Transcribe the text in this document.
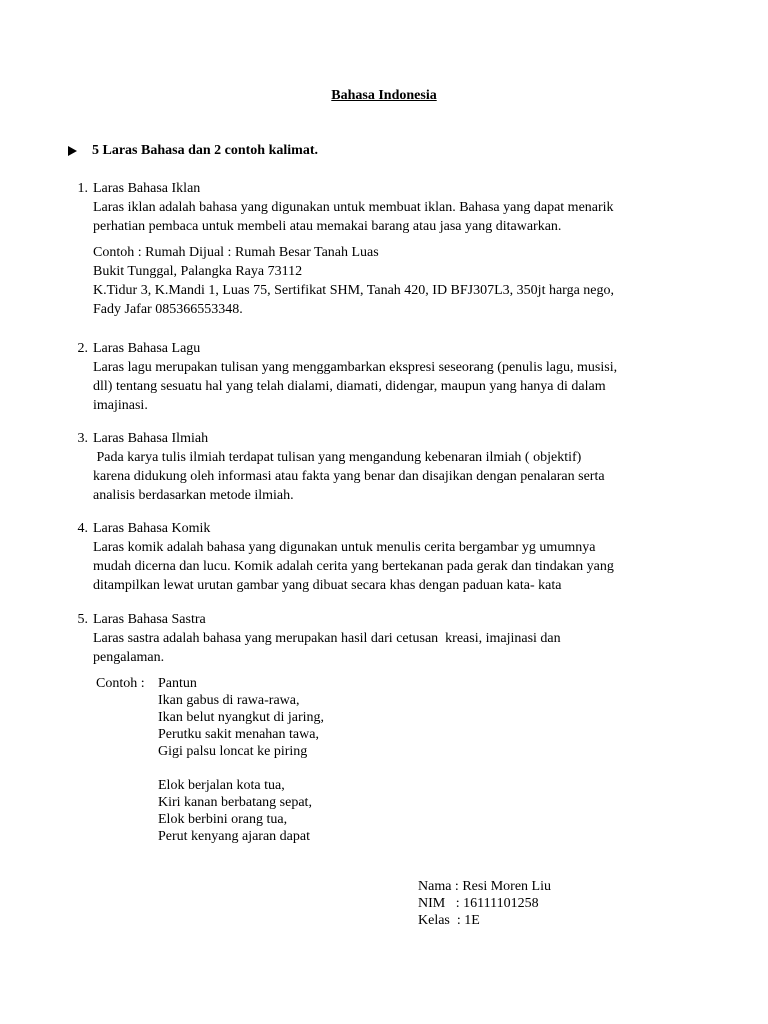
Bahasa Indonesia
5 Laras Bahasa dan 2 contoh kalimat.
1. Laras Bahasa Iklan

Laras iklan adalah bahasa yang digunakan untuk membuat iklan. Bahasa yang dapat menarik

perhatian pembaca untuk membeli atau memakai barang atau jasa yang ditawarkan.

Contoh : Rumah Dijual : Rumah Besar Tanah Luas

Bukit Tunggal, Palangka Raya 73112

K.Tidur 3, K.Mandi 1, Luas 75, Sertifikat SHM, Tanah 420, ID BFJ307L3, 350jt harga nego,

Fady Jafar 085366553348.

2. Laras Bahasa Lagu

Laras lagu merupakan tulisan yang menggambarkan ekspresi seseorang (penulis lagu, musisi,

dll) tentang sesuatu hal yang telah dialami, diamati, didengar, maupun yang hanya di dalam

imajinasi.

3. Laras Bahasa Ilmiah

Pada karya tulis ilmiah terdapat tulisan yang mengandung kebenaran ilmiah ( objektif)

karena didukung oleh informasi atau fakta yang benar dan disajikan dengan penalaran serta

analisis berdasarkan metode ilmiah.

4. Laras Bahasa Komik

Laras komik adalah bahasa yang digunakan untuk menulis cerita bergambar yg umumnya

mudah dicerna dan lucu. Komik adalah cerita yang bertekanan pada gerak dan tindakan yang

ditampilkan lewat urutan gambar yang dibuat secara khas dengan paduan kata- kata

5. Laras Bahasa Sastra

Laras sastra adalah bahasa yang merupakan hasil dari cetusan  kreasi, imajinasi dan

pengalaman.

Contoh : Pantun
Ikan gabus di rawa-rawa,
Ikan belut nyangkut di jaring,
Perutku sakit menahan tawa,
Gigi palsu loncat ke piring
Elok berjalan kota tua,
Kiri kanan berbatang sepat,
Elok berbini orang tua,
Perut kenyang ajaran dapat
Nama :
Resi Moren Liu
NIM   :
16111101258
Kelas  :
1E
